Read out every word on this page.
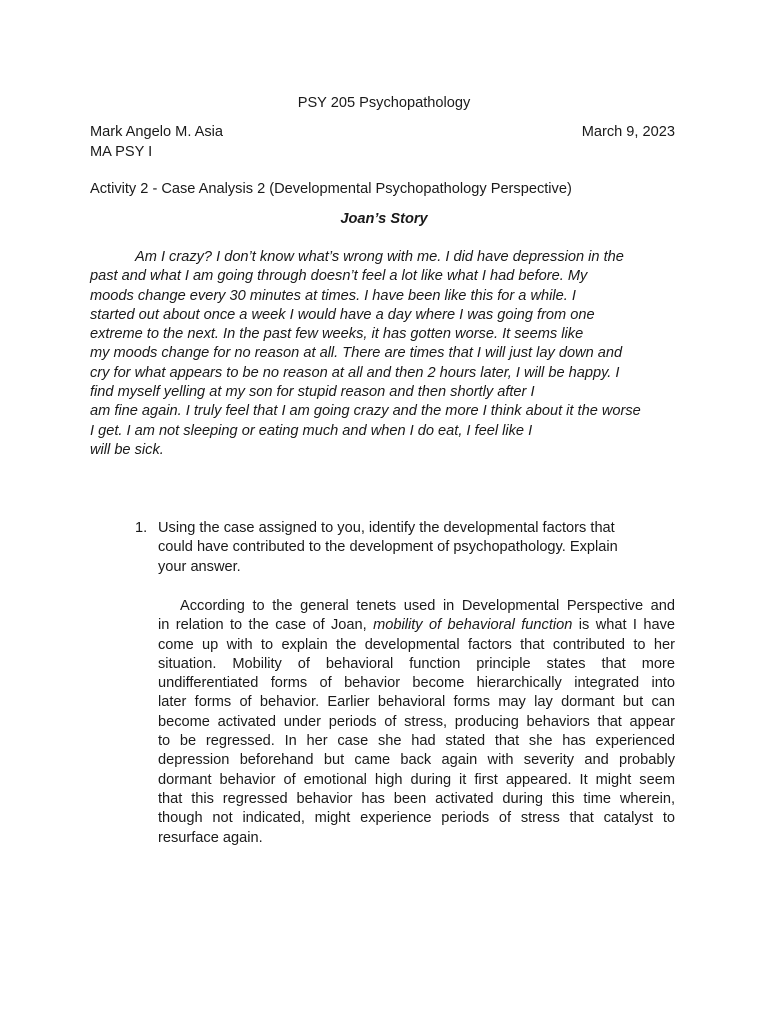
PSY 205 Psychopathology
Mark Angelo M. Asia	March 9, 2023
MA PSY I
Activity 2 - Case Analysis 2 (Developmental Psychopathology Perspective)
Joan’s Story
Am I crazy? I don’t know what’s wrong with me. I did have depression in the
past and what I am going through doesn’t feel a lot like what I had before. My
moods change every 30 minutes at times. I have been like this for a while. I
started out about once a week I would have a day where I was going from one
extreme to the next. In the past few weeks, it has gotten worse. It seems like
my moods change for no reason at all. There are times that I will just lay down and
cry for what appears to be no reason at all and then 2 hours later, I will be happy. I
find myself yelling at my son for stupid reason and then shortly after I
am fine again. I truly feel that I am going crazy and the more I think about it the worse
I get. I am not sleeping or eating much and when I do eat, I feel like I
will be sick.
1. Using the case assigned to you, identify the developmental factors that
could have contributed to the development of psychopathology. Explain
your answer.
According to the general tenets used in Developmental Perspective and
in relation to the case of Joan, mobility of behavioral function is what I have
come up with to explain the developmental factors that contributed to her
situation. Mobility of behavioral function principle states that more
undifferentiated forms of behavior become hierarchically integrated into
later forms of behavior. Earlier behavioral forms may lay dormant but can
become activated under periods of stress, producing behaviors that appear
to be regressed. In her case she had stated that she has experienced
depression beforehand but came back again with severity and probably
dormant behavior of emotional high during it first appeared. It might seem
that this regressed behavior has been activated during this time wherein,
though not indicated, might experience periods of stress that catalyst to
resurface again.
